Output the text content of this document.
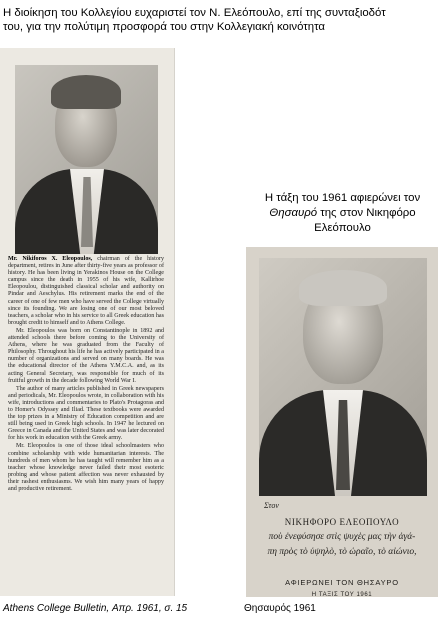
Η διοίκηση του Κολλεγίου ευχαριστεί τον Ν. Ελεόπουλο, επί της συνταξιοδότ
του, για την πολύτιμη προσφορά του στην Κολλεγιακή κοινότητα

Mr. Nikiforos X. Eleopoulos, chairman of the history department, retires in June after thirty-five years as professor of history. He has been living in Yerakinos House on the College campus since the death in 1955 of his wife, Kallirhoe Eleopoulou, distinguished classical scholar and authority on Pindar and Aeschylus. His retirement marks the end of the career of one of few men who have served the College virtually since its founding. We are losing one of our most beloved teachers, a scholar who in his service to all Greek education has brought credit to himself and to Athens College.

Mr. Eleopoulos was born on Constantinople in 1892 and attended schools there before coming to the University of Athens, where he was graduated from the Faculty of Philosophy. Throughout his life he has actively participated in a number of organizations and served on many boards. He was the educational director of the Athens Y.M.C.A. and, as its acting General Secretary, was responsible for much of its fruitful growth in the decade following World War I.

The author of many articles published in Greek newspapers and periodicals, Mr. Eleopoulos wrote, in collaboration with his wife, introductions and commentaries to Plato's Protagoras and to Homer's Odyssey and Iliad. These textbooks were awarded the top prizes in a Ministry of Education competition and are still being used in Greek high schools. In 1947 he lectured on Greece in Canada and the United States and was later decorated for his work in education with the Greek army.

Mr. Eleopoulos is one of those ideal schoolmasters who combine scholarship with wide humanitarian interests. The hundreds of men whom he has taught will remember him as a teacher whose knowledge never failed their most esoteric probing and whose patient affection was never exhausted by their rashest enthusiasms. We wish him many years of happy and productive retirement.

Athens College Bulletin, Απρ. 1961, σ. 15
Η τάξη του 1961 αφιερώνει τον
Θησαυρό της στον Νικηφόρο
Ελεόπουλο
Στον
ΝΙΚΗΦΟΡΟ ΕΛΕΟΠΟΥΛΟ
ποὺ ἐνεφύσησε στὶς ψυχὲς μας τὴν ἀγά-
πη πρὸς τὸ ὑψηλὸ, τὸ ὡραῖο, τὸ αἰώνιο,
ΑΦΙΕΡΩΝΕΙ ΤΟΝ ΘΗΣΑΥΡΟ
Η ΤΑΞΙΣ ΤΟΥ 1961
Θησαυρός 1961
